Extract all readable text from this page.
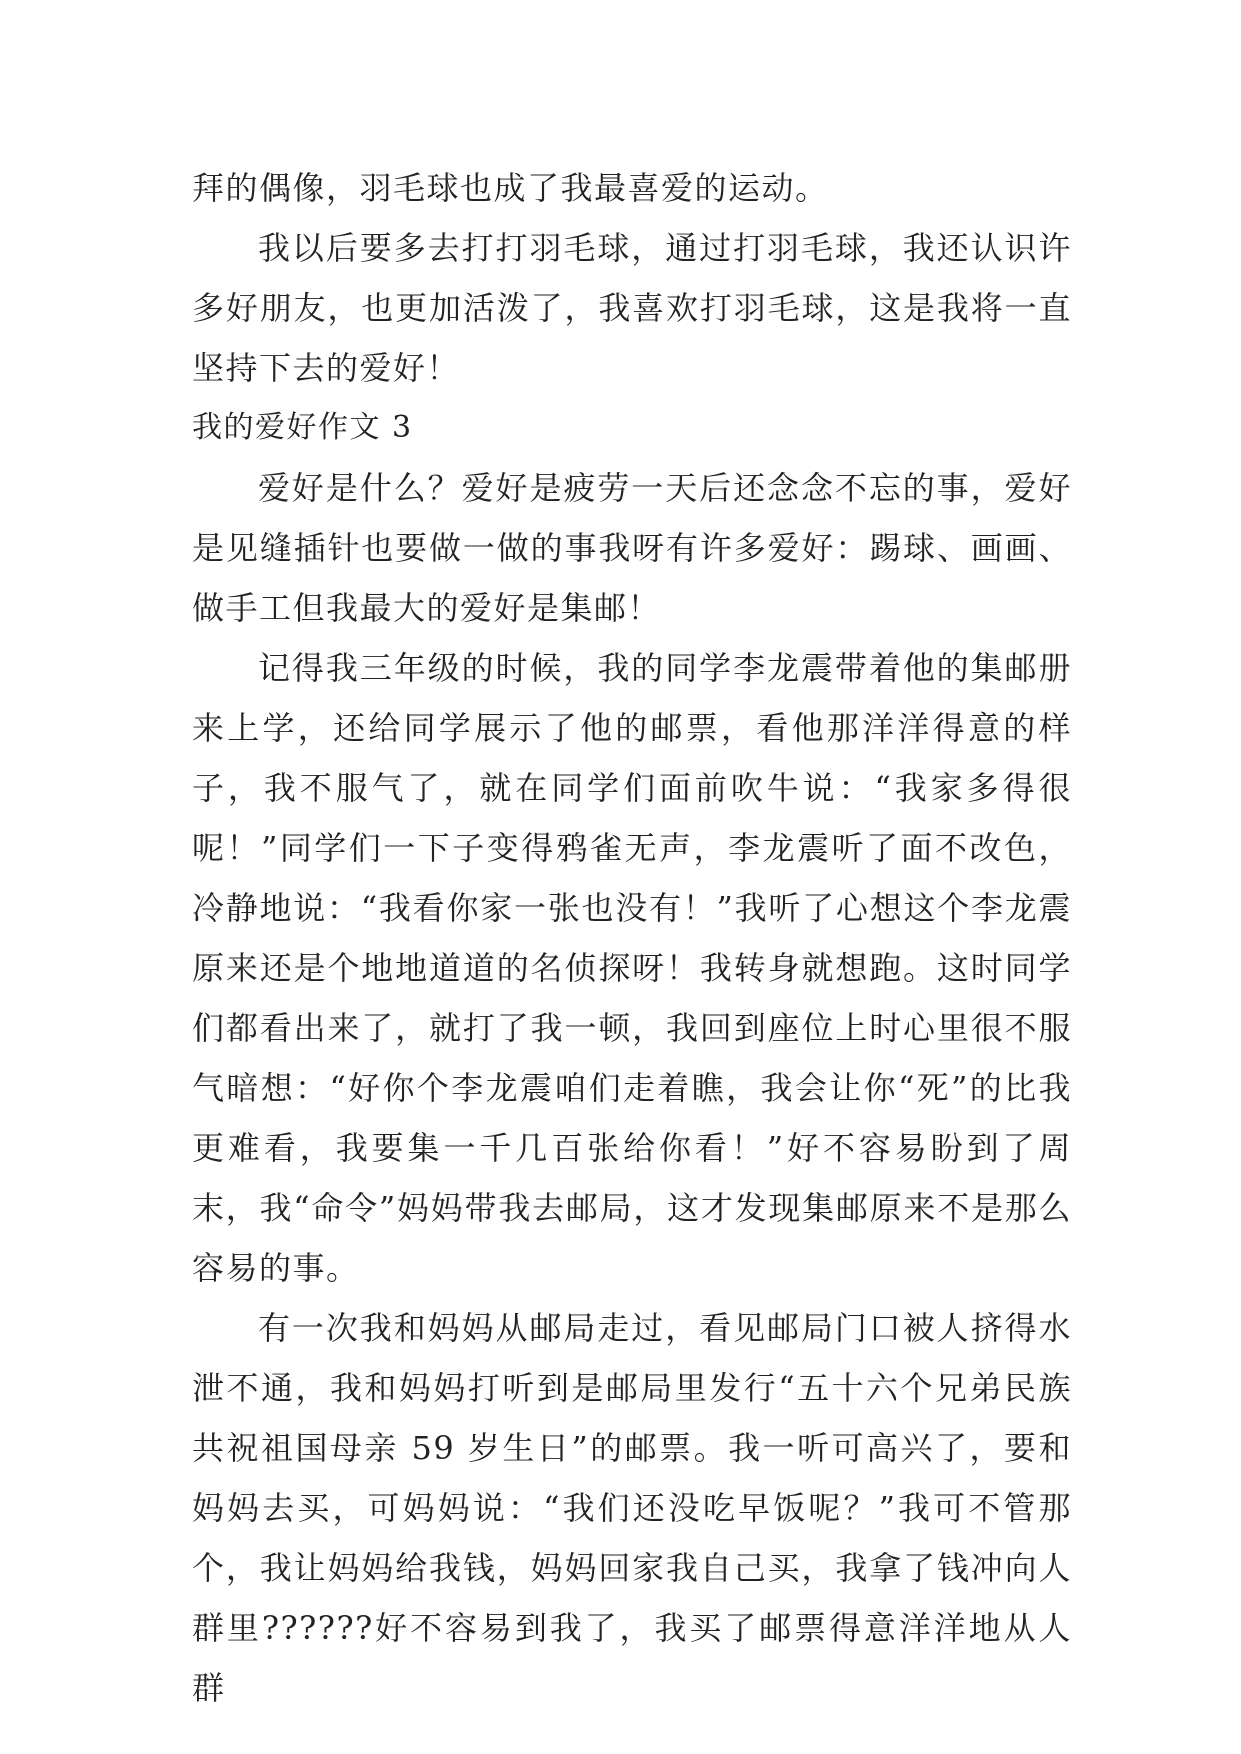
拜的偶像，羽毛球也成了我最喜爱的运动。

我以后要多去打打羽毛球，通过打羽毛球，我还认识许多好朋友，也更加活泼了，我喜欢打羽毛球，这是我将一直坚持下去的爱好！

我的爱好作文 3

爱好是什么？爱好是疲劳一天后还念念不忘的事，爱好是见缝插针也要做一做的事我呀有许多爱好：踢球、画画、做手工但我最大的爱好是集邮！

记得我三年级的时候，我的同学李龙震带着他的集邮册来上学，还给同学展示了他的邮票，看他那洋洋得意的样子，我不服气了，就在同学们面前吹牛说：“我家多得很呢！”同学们一下子变得鸦雀无声，李龙震听了面不改色，冷静地说：“我看你家一张也没有！”我听了心想这个李龙震原来还是个地地道道的名侦探呀！我转身就想跑。这时同学们都看出来了，就打了我一顿，我回到座位上时心里很不服气暗想：“好你个李龙震咱们走着瞧，我会让你“死”的比我更难看，我要集一千几百张给你看！”好不容易盼到了周末，我“命令”妈妈带我去邮局，这才发现集邮原来不是那么容易的事。

有一次我和妈妈从邮局走过，看见邮局门口被人挤得水泄不通，我和妈妈打听到是邮局里发行“五十六个兄弟民族共祝祖国母亲 59 岁生日”的邮票。我一听可高兴了，要和妈妈去买，可妈妈说：“我们还没吃早饭呢？”我可不管那个，我让妈妈给我钱，妈妈回家我自己买，我拿了钱冲向人群里??????好不容易到我了，我买了邮票得意洋洋地从人群
